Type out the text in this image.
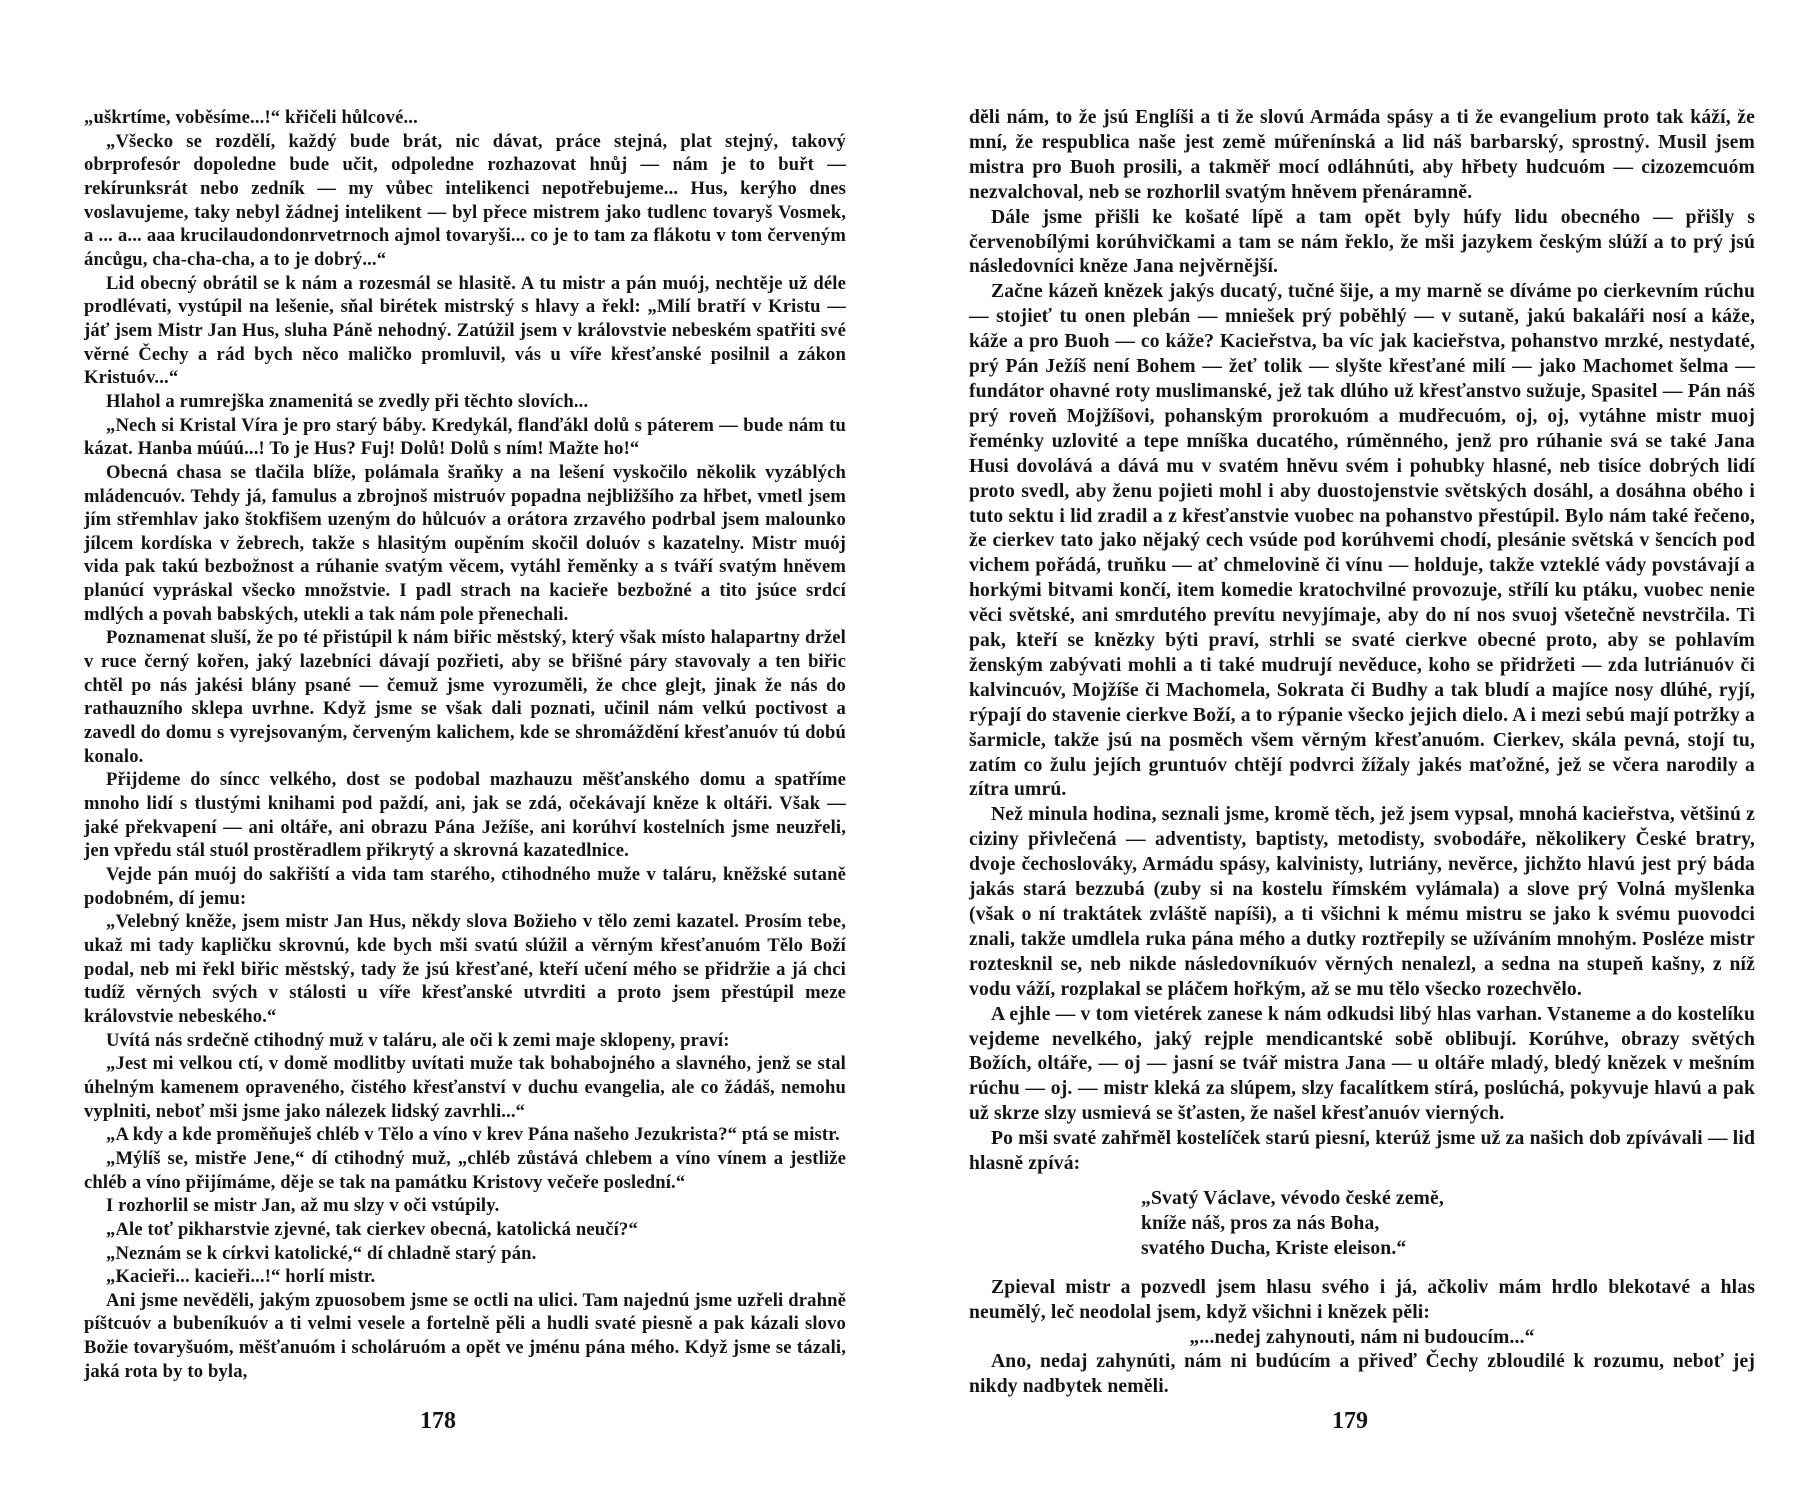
„uškrtíme, voběsíme...!“ křičeli hůlcové...

„Všecko se rozdělí, každý bude brát, nic dávat, práce stejná, plat stejný, takový obrprofesór dopoledne bude učit, odpoledne rozhazovat hnůj — nám je to buřt — rekírunksrát nebo zedník — my vůbec intelikenci nepotřebujeme... Hus, kerýho dnes voslavujeme, taky nebyl žádnej intelikent — byl přece mistrem jako tudlenc tovaryš Vosmek, a ... a... aaa krucilaudondonrvetrnoch ajmol tovaryši... co je to tam za flákotu v tom červeným áncůgu, cha-cha-cha, a to je dobrý...“

Lid obecný obrátil se k nám a rozesmál se hlasitě. A tu mistr a pán muój, nechtěje už déle prodlévati, vystúpil na lešenie, sňal birétek mistrský s hlavy a řekl: „Milí bratří v Kristu — jáť jsem Mistr Jan Hus, sluha Páně nehodný. Zatúžil jsem v královstvie nebeském spatřiti své věrné Čechy a rád bych něco maličko promluvil, vás u víře křesťanské posilnil a zákon Kristuóv...“

Hlahol a rumrejška znamenitá se zvedly při těchto slovích...

„Nech si Kristal Víra je pro starý báby. Kredykál, flanďákl dolů s páterem — bude nám tu kázat. Hanba múúú...! To je Hus? Fuj! Dolů! Dolů s ním! Mažte ho!“

Obecná chasa se tlačila blíže, polámala šraňky a na lešení vyskočilo několik vyzáblých mládencuóv. Tehdy já, famulus a zbrojnoš mistruóv popadna nejbližšího za hřbet, vmetl jsem jím střemhlav jako štokfišem uzeným do hůlcuóv a orátora zrzavého podrbal jsem malounko jílcem kordíska v žebrech, takže s hlasitým oupěním skočil doluóv s kazatelny. Mistr muój vida pak takú bezbožnost a rúhanie svatým věcem, vytáhl řeměnky a s tváří svatým hněvem planúcí vypráskal všecko množstvie. I padl strach na kacieře bezbožné a tito jsúce srdcí mdlých a povah babských, utekli a tak nám pole přenechali.

Poznamenat sluší, že po té přistúpil k nám biřic městský, který však místo halapartny držel v ruce černý kořen, jaký lazebníci dávají pozřieti, aby se břišné páry stavovaly a ten biřic chtěl po nás jakési blány psané — čemuž jsme vyrozuměli, že chce glejt, jinak že nás do rathauzního sklepa uvrhne. Když jsme se však dali poznati, učinil nám velkú poctivost a zavedl do domu s vyrejsovaným, červeným kalichem, kde se shromáždění křesťanuóv tú dobú konalo.

Přijdeme do síncc velkého, dost se podobal mazhauzu měšťanského domu a spatříme mnoho lidí s tlustými knihami pod paždí, ani, jak se zdá, očekávají kněze k oltáři. Však — jaké překvapení — ani oltáře, ani obrazu Pána Ježíše, ani korúhví kostelních jsme neuzřeli, jen vpředu stál stuól prostěradlem přikrytý a skrovná kazatedlnice.

Vejde pán muój do sakřiští a vida tam starého, ctihodného muže v taláru, kněžské sutaně podobném, dí jemu:

„Velebný kněže, jsem mistr Jan Hus, někdy slova Božieho v tělo zemi kazatel. Prosím tebe, ukaž mi tady kapličku skrovnú, kde bych mši svatú slúžil a věrným křesťanuóm Tělo Boží podal, neb mi řekl biřic městský, tady že jsú křesťané, kteří učení mého se přidržie a já chci tudíž věrných svých v stálosti u víře křesťanské utvrditi a proto jsem přestúpil meze královstvie nebeského.“

Uvítá nás srdečně ctihodný muž v taláru, ale oči k zemi maje sklopeny, praví:

„Jest mi velkou ctí, v domě modlitby uvítati muže tak bohabojného a slavného, jenž se stal úhelným kamenem opraveného, čistého křesťanství v duchu evangelia, ale co žádáš, nemohu vyplniti, neboť mši jsme jako nálezek lidský zavrhli...“

„A kdy a kde proměňuješ chléb v Tělo a víno v krev Pána našeho Jezukrista?“ ptá se mistr.

„Mýlíš se, mistře Jene,“ dí ctihodný muž, „chléb zůstává chlebem a víno vínem a jestliže chléb a víno přijímáme, děje se tak na památku Kristovy večeře poslední.“

I rozhorlil se mistr Jan, až mu slzy v oči vstúpily.

„Ale toť pikharstvie zjevné, tak cierkev obecná, katolická neučí?“

„Neznám se k církvi katolické,“ dí chladně starý pán.

„Kacieři... kacieři...!“ horlí mistr.

Ani jsme nevěděli, jakým zpuosobem jsme se octli na ulici. Tam najednú jsme uzřeli drahně píštcuóv a bubeníkuóv a ti velmi vesele a fortelně pěli a hudli svaté piesně a pak kázali slovo Božie tovaryšuóm, měšťanuóm i scholáruóm a opět ve jménu pána mého. Když jsme se tázali, jaká rota by to byla,

178

děli nám, to že jsú Englíši a ti že slovú Armáda spásy a ti že evangelium proto tak káží, že mní, že respublica naše jest země múřenínská a lid náš barbarský, sprostný. Musil jsem mistra pro Buoh prosili, a takměř mocí odláhnúti, aby hřbety hudcuóm — cizozemcuóm nezvalchoval, neb se rozhorlil svatým hněvem přenáramně.

Dále jsme přišli ke košaté lípě a tam opět byly húfy lidu obecného — přišly s červenobílými korúhvičkami a tam se nám řeklo, že mši jazykem českým slúží a to prý jsú následovníci kněze Jana nejvěrnější.

Začne kázeň knězek jakýs ducatý, tučné šije, a my marně se díváme po cierkevním rúchu — stojieť tu onen plebán — mniešek prý poběhlý — v sutaně, jakú bakaláři nosí a káže, káže a pro Buoh — co káže? Kacieřstva, ba víc jak kacieřstva, pohanstvo mrzké, nestydaté, prý Pán Ježíš není Bohem — žeť tolik — slyšte křesťané milí — jako Machomet šelma — fundátor ohavné roty muslimanské, jež tak dlúho už křesťanstvo sužuje, Spasitel — Pán náš prý roveň Mojžíšovi, pohanským prorokuóm a mudřecuóm, oj, oj, vytáhne mistr muoj řeménky uzlovité a tepe mníška ducatého, rúměnného, jenž pro rúhanie svá se také Jana Husi dovolává a dává mu v svatém hněvu svém i pohubky hlasné, neb tisíce dobrých lidí proto svedl, aby ženu pojieti mohl i aby duostojenstvie světských dosáhl, a dosáhna obého i tuto sektu i lid zradil a z křesťanstvie vuobec na pohanstvo přestúpil. Bylo nám také řečeno, že cierkev tato jako nějaký cech vsúde pod korúhvemi chodí, plesánie světská v šencích pod vichem pořádá, truňku — ať chmelovině či vínu — holduje, takže vzteklé vády povstávají a horkými bitvami končí, item komedie kratochvilné provozuje, střílí ku ptáku, vuobec nenie věci světské, ani smrdutého prevítu nevyjímaje, aby do ní nos svuoj všetečně nevstrčila. Ti pak, kteří se knězky býti praví, strhli se svaté cierkve obecné proto, aby se pohlavím ženským zabývati mohli a ti také mudrují nevěduce, koho se přidržeti — zda lutriánuóv či kalvincuóv, Mojžíše či Machomela, Sokrata či Budhy a tak bludí a majíce nosy dlúhé, ryjí, rýpají do stavenie cierkve Boží, a to rýpanie všecko jejich dielo. A i mezi sebú mají potržky a šarmicle, takže jsú na posměch všem věrným křesťanuóm. Cierkev, skála pevná, stojí tu, zatím co žulu jejích gruntuóv chtějí podvrci žížaly jakés maťožné, jež se včera narodily a zítra umrú.

Než minula hodina, seznali jsme, kromě těch, jež jsem vypsal, mnohá kacieřstva, většinú z ciziny přivlečená — adventisty, baptisty, metodisty, svobodáře, několikery České bratry, dvoje čechoslováky, Armádu spásy, kalvinisty, lutriány, nevěrce, jichžto hlavú jest prý báda jakás stará bezzubá (zuby si na kostelu římském vylámala) a slove prý Volná myšlenka (však o ní traktátek zvláště napíši), a ti všichni k mému mistru se jako k svému puovodci znali, takže umdlela ruka pána mého a dutky roztřepily se užíváním mnohým. Posléze mistr roztesknil se, neb nikde následovníkuóv věrných nenalezl, a sedna na stupeň kašny, z níž vodu váží, rozplakal se pláčem hořkým, až se mu tělo všecko rozechvělo.

A ejhle — v tom vietérek zanese k nám odkudsi libý hlas varhan. Vstaneme a do kostelíku vejdeme nevelkého, jaký rejple mendicantské sobě oblibují. Korúhve, obrazy světých Božích, oltáře, — oj — jasní se tvář mistra Jana — u oltáře mladý, bledý knězek v mešním rúchu — oj. — mistr kleká za slúpem, slzy facalítkem stírá, poslúchá, pokyvuje hlavú a pak už skrze slzy usmievá se šťasten, že našel křesťanuóv vierných.

Po mši svaté zahřměl kostelíček starú piesní, kterúž jsme už za našich dob zpívávali — lid hlasně zpívá:

„Svatý Václave, vévodo české země,
kníže náš, pros za nás Boha,
svatého Ducha, Kriste eleison.“

Zpieval mistr a pozvedl jsem hlasu svého i já, ačkoliv mám hrdlo blekotavé a hlas neumělý, leč neodolal jsem, když všichni i knězek pěli:

„...nedej zahynouti, nám ni budoucím...“

Ano, nedaj zahynúti, nám ni budúcím a přiveď Čechy zbloudilé k rozumu, neboť jej nikdy nadbytek neměli.

179
